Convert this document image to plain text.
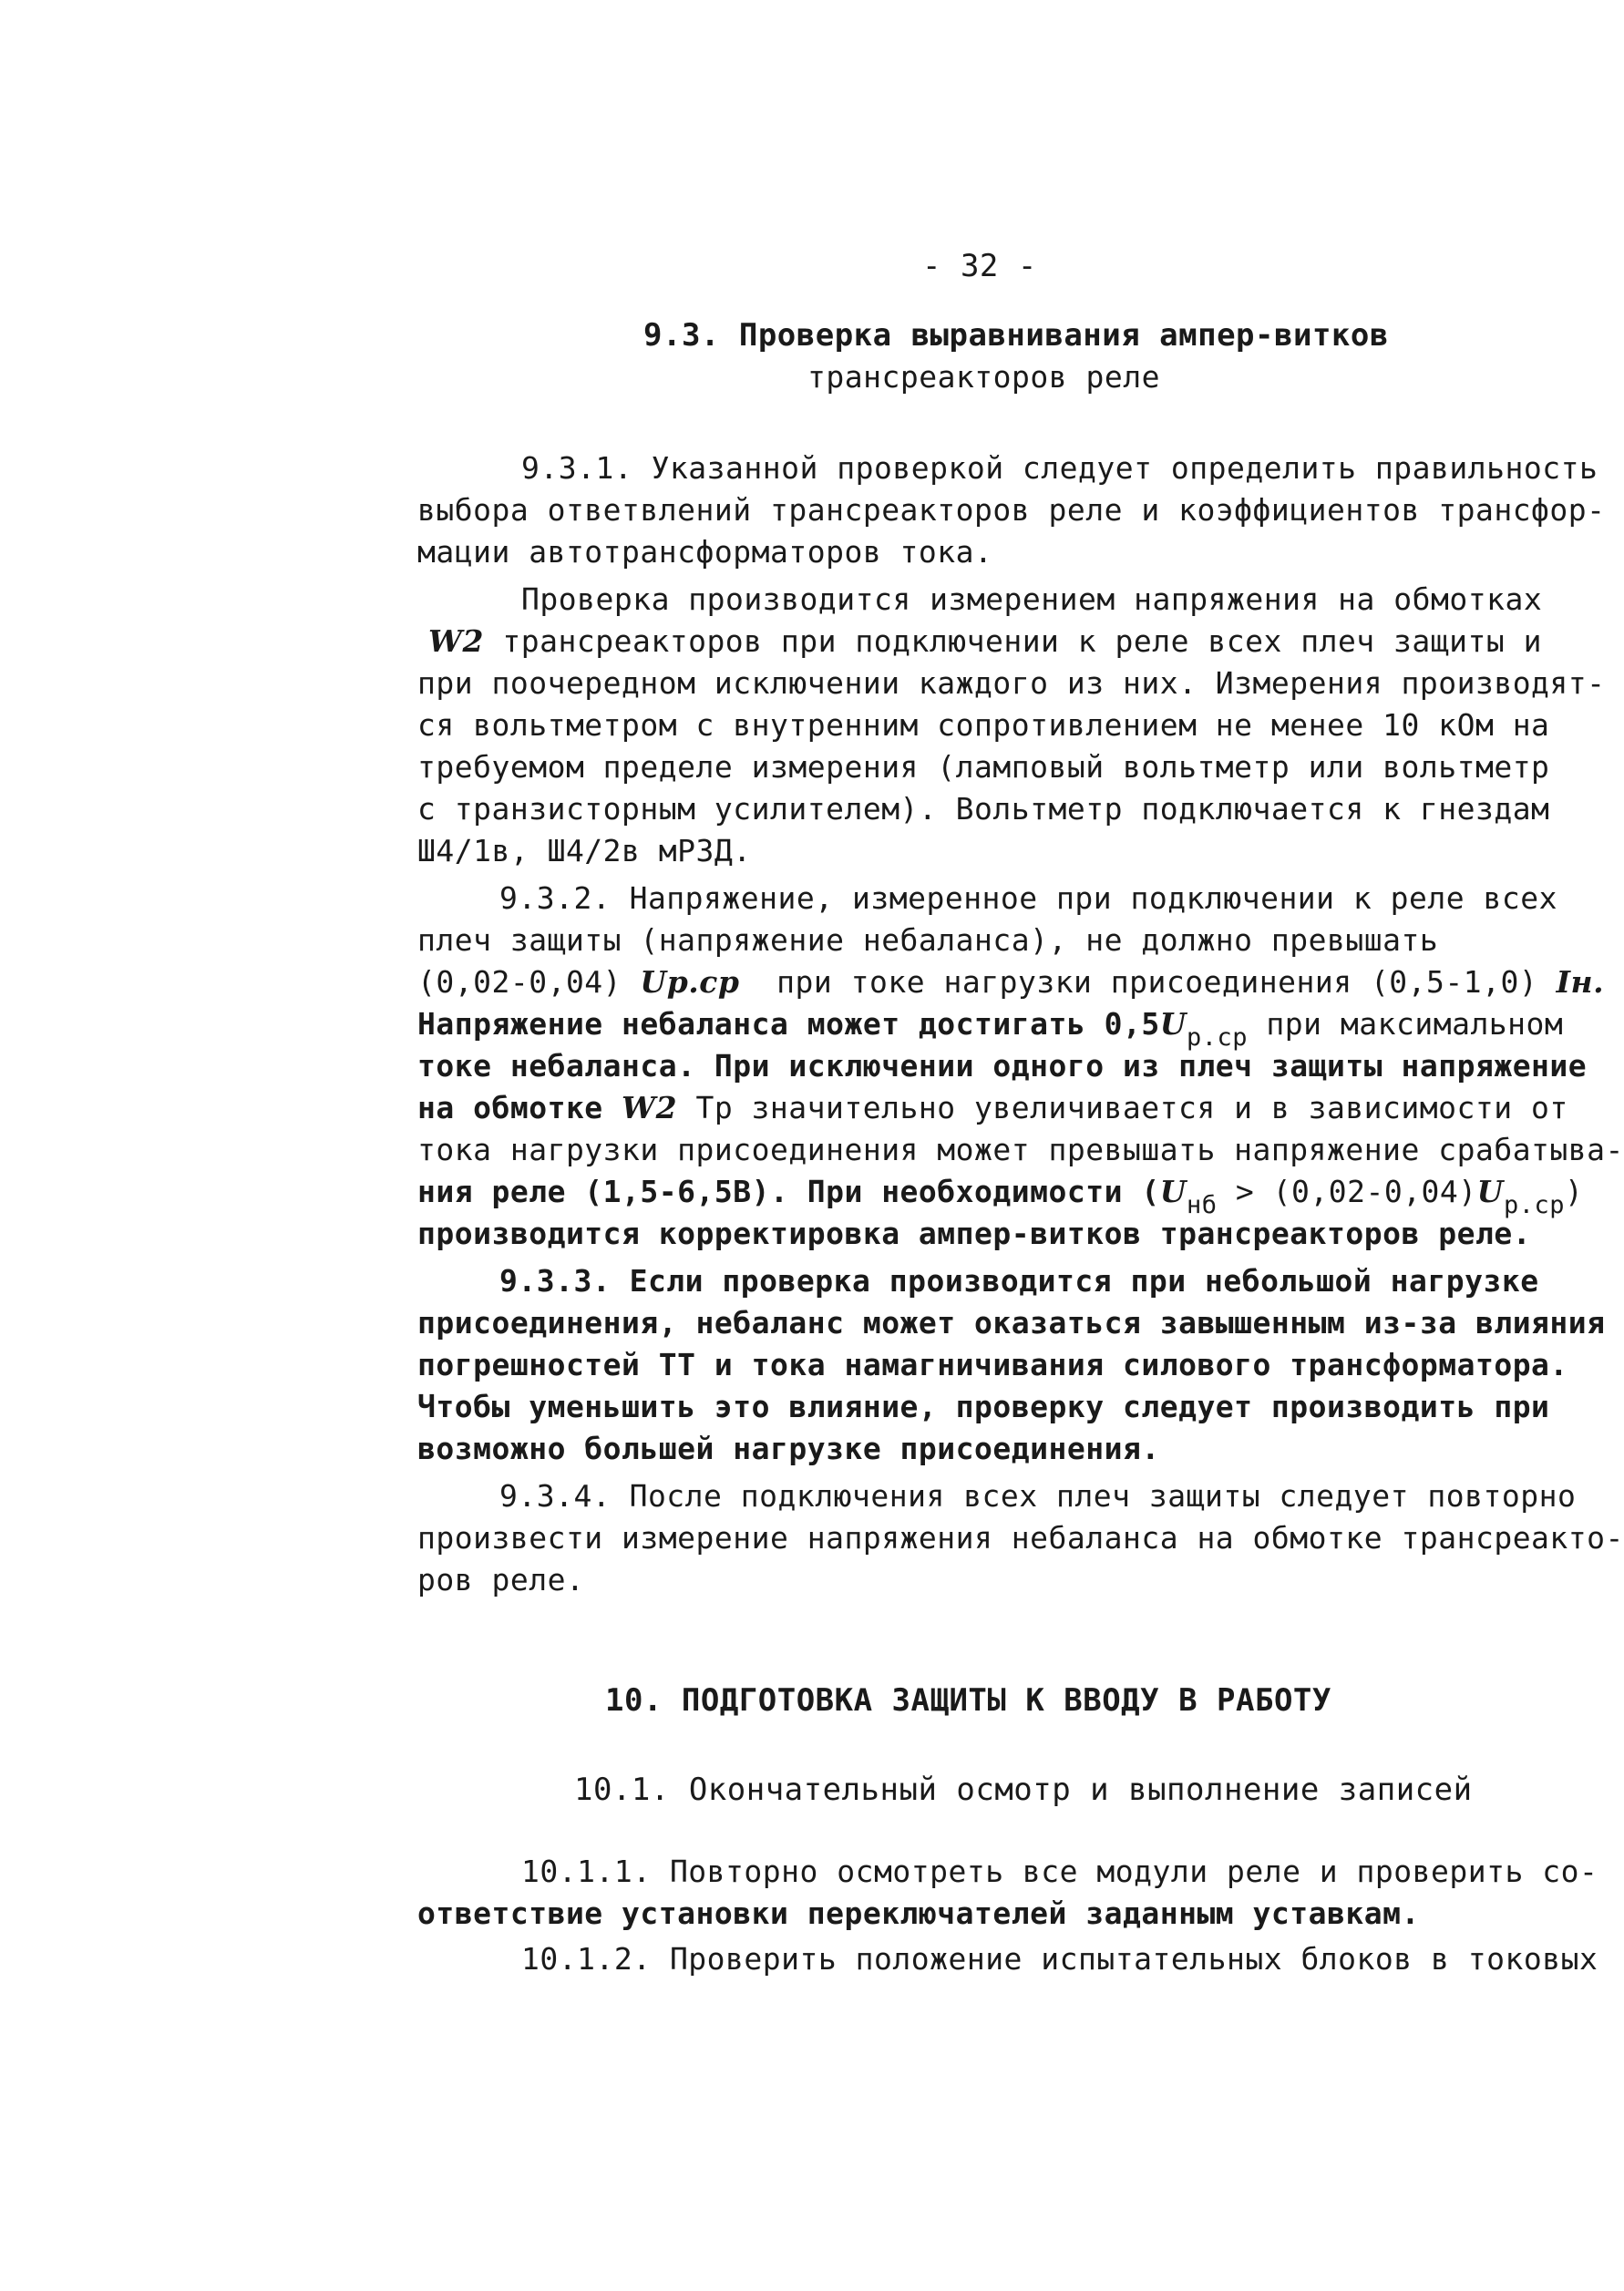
- 32 -
9.3. Проверка выравнивания ампер-витков
трансреакторов реле
9.3.1. Указанной проверкой следует определить правильность
выбора ответвлений трансреакторов реле и коэффициентов трансфор-
мации автотрансформаторов тока.
Проверка производится измерением напряжения на обмотках
W2 трансреакторов при подключении к реле всех плеч защиты и
при поочередном исключении каждого из них. Измерения производят-
ся вольтметром с внутренним сопротивлением не менее 10 кОм на
требуемом пределе измерения (ламповый вольтметр или вольтметр
с транзисторным усилителем). Вольтметр подключается к гнездам
Ш4/1в, Ш4/2в мРЗД.
9.3.2. Напряжение, измеренное при подключении к реле всех
плеч защиты (напряжение небаланса), не должно превышать
(0,02-0,04) Uр.ср  при токе нагрузки присоединения (0,5-1,0) Iн.
Напряжение небаланса может достигать $0,5U_{р.ср}$ при максимальном
токе небаланса. При исключении одного из плеч защиты напряжение
на обмотке W2 Тр значительно увеличивается и в зависимости от
тока нагрузки присоединения может превышать напряжение срабатыва-
ния реле (1,5-6,5В). При необходимости $(U_{нб} > (0,02-0,04)U_{р.ср})$
производится корректировка ампер-витков трансреакторов реле.
9.3.3. Если проверка производится при небольшой нагрузке
присоединения, небаланс может оказаться завышенным из-за влияния
погрешностей ТТ и тока намагничивания силового трансформатора.
Чтобы уменьшить это влияние, проверку следует производить при
возможно большей нагрузке присоединения.
9.3.4. После подключения всех плеч защиты следует повторно
произвести измерение напряжения небаланса на обмотке трансреакто-
ров реле.
10. ПОДГОТОВКА ЗАЩИТЫ К ВВОДУ В РАБОТУ
10.1. Окончательный осмотр и выполнение записей
10.1.1. Повторно осмотреть все модули реле и проверить со-
ответствие установки переключателей заданным уставкам.
10.1.2. Проверить положение испытательных блоков в токовых
